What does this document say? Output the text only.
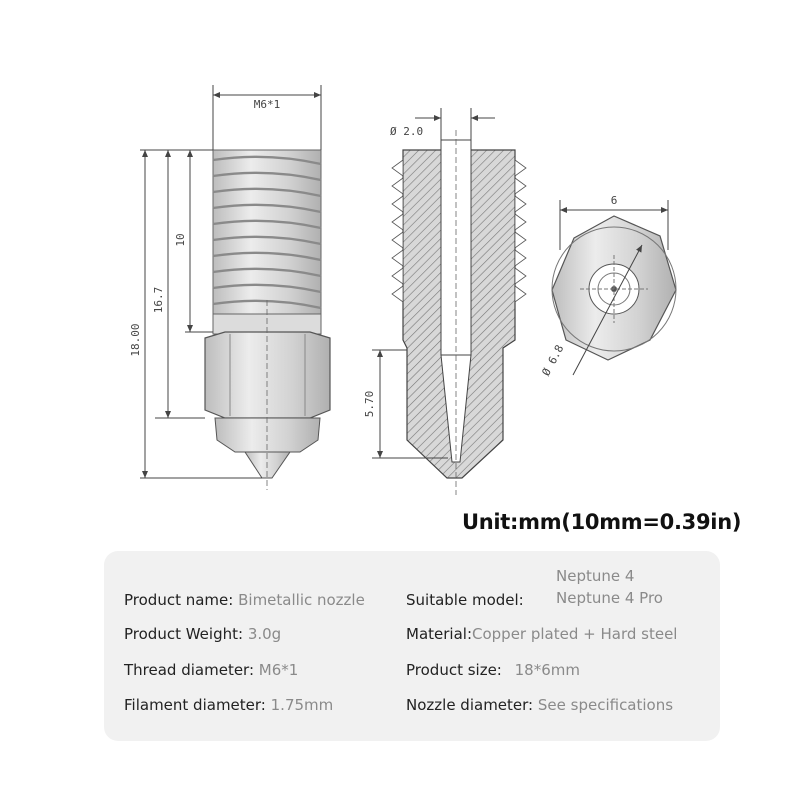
M6*1
10
16.7
18.00
Ø 2.0
5.70
6
Ø 6.8
Unit:mm(10mm=0.39in)
Product name: Bimetallic nozzle
Product Weight: 3.0g
Thread diameter: M6*1
Filament diameter: 1.75mm
Suitable model:
Neptune 4
Neptune 4 Pro
Material:Copper plated + Hard steel
Product size: 18*6mm
Nozzle diameter: See specifications
